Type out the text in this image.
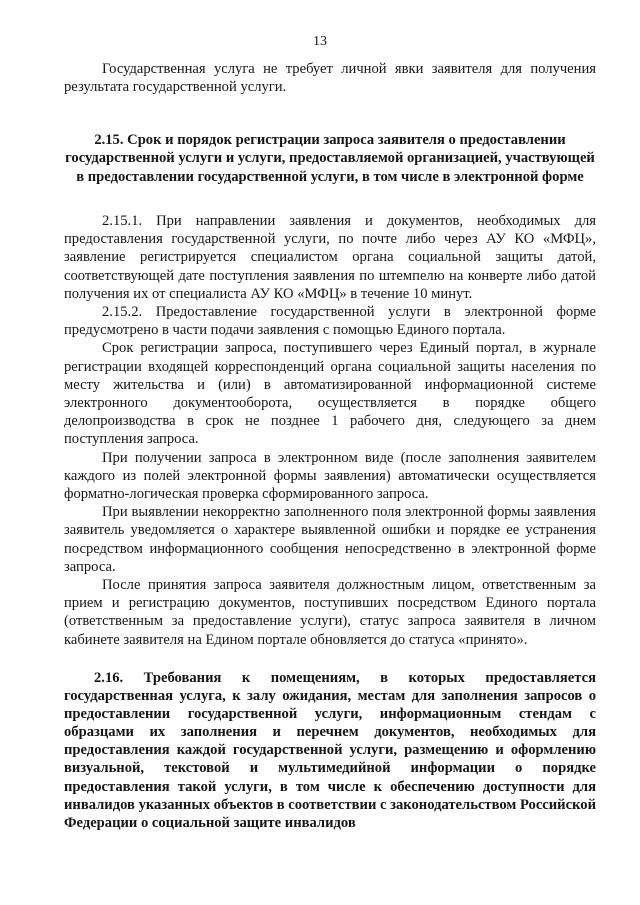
13

Государственная услуга не требует личной явки заявителя для получения результата государственной услуги.

2.15. Срок и порядок регистрации запроса заявителя о предоставлении государственной услуги и услуги, предоставляемой организацией, участвующей в предоставлении государственной услуги, в том числе в электронной форме

2.15.1. При направлении заявления и документов, необходимых для предоставления государственной услуги, по почте либо через АУ КО «МФЦ», заявление регистрируется специалистом органа социальной защиты датой, соответствующей дате поступления заявления по штемпелю на конверте либо датой получения их от специалиста АУ КО «МФЦ» в течение 10 минут.

2.15.2. Предоставление государственной услуги в электронной форме предусмотрено в части подачи заявления с помощью Единого портала.

Срок регистрации запроса, поступившего через Единый портал, в журнале регистрации входящей корреспонденций органа социальной защиты населения по месту жительства и (или) в автоматизированной информационной системе электронного документооборота, осуществляется в порядке общего делопроизводства в срок не позднее 1 рабочего дня, следующего за днем поступления запроса.

При получении запроса в электронном виде (после заполнения заявителем каждого из полей электронной формы заявления) автоматически осуществляется форматно-логическая проверка сформированного запроса.

При выявлении некорректно заполненного поля электронной формы заявления заявитель уведомляется о характере выявленной ошибки и порядке ее устранения посредством информационного сообщения непосредственно в электронной форме запроса.

После принятия запроса заявителя должностным лицом, ответственным за прием и регистрацию документов, поступивших посредством Единого портала (ответственным за предоставление услуги), статус запроса заявителя в личном кабинете заявителя на Едином портале обновляется до статуса «принято».

2.16. Требования к помещениям, в которых предоставляется государственная услуга, к залу ожидания, местам для заполнения запросов о предоставлении государственной услуги, информационным стендам с образцами их заполнения и перечнем документов, необходимых для предоставления каждой государственной услуги, размещению и оформлению визуальной, текстовой и мультимедийной информации о порядке предоставления такой услуги, в том числе к обеспечению доступности для инвалидов указанных объектов в соответствии с законодательством Российской Федерации о социальной защите инвалидов
